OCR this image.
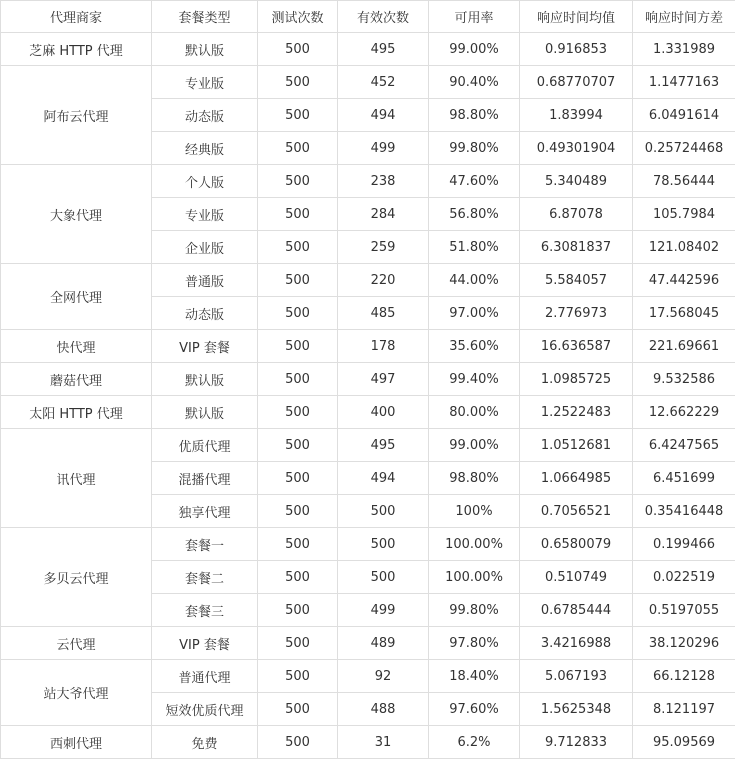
代理商家	套餐类型	测试次数	有效次数	可用率	响应时间均值	响应时间方差
芝麻 HTTP 代理	默认版	500	495	99.00%	0.916853	1.331989
阿布云代理	专业版	500	452	90.40%	0.68770707	1.1477163
	动态版	500	494	98.80%	1.83994	6.0491614
	经典版	500	499	99.80%	0.49301904	0.25724468
大象代理	个人版	500	238	47.60%	5.340489	78.56444
	专业版	500	284	56.80%	6.87078	105.7984
	企业版	500	259	51.80%	6.3081837	121.08402
全网代理	普通版	500	220	44.00%	5.584057	47.442596
	动态版	500	485	97.00%	2.776973	17.568045
快代理	VIP 套餐	500	178	35.60%	16.636587	221.69661
蘑菇代理	默认版	500	497	99.40%	1.0985725	9.532586
太阳 HTTP 代理	默认版	500	400	80.00%	1.2522483	12.662229
讯代理	优质代理	500	495	99.00%	1.0512681	6.4247565
	混播代理	500	494	98.80%	1.0664985	6.451699
	独享代理	500	500	100%	0.7056521	0.35416448
多贝云代理	套餐一	500	500	100.00%	0.6580079	0.199466
	套餐二	500	500	100.00%	0.510749	0.022519
	套餐三	500	499	99.80%	0.6785444	0.5197055
云代理	VIP 套餐	500	489	97.80%	3.4216988	38.120296
站大爷代理	普通代理	500	92	18.40%	5.067193	66.12128
	短效优质代理	500	488	97.60%	1.5625348	8.121197
西刺代理	免费	500	31	6.2%	9.712833	95.09569
